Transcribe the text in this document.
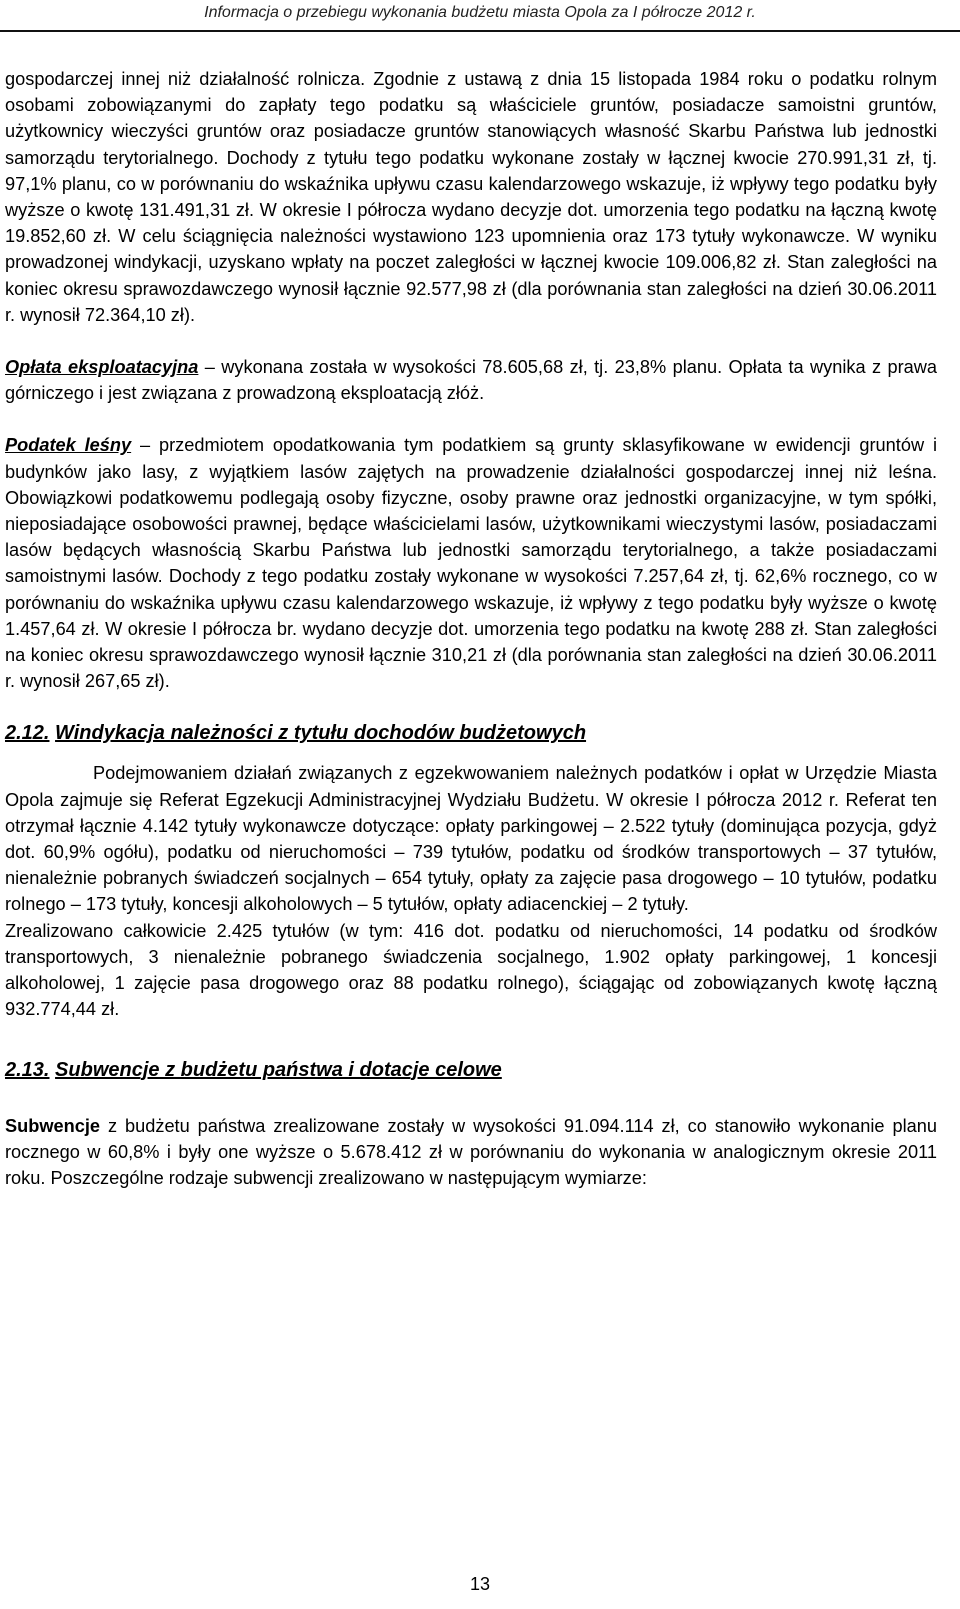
Informacja o przebiegu wykonania budżetu miasta Opola za I półrocze 2012 r.

gospodarczej innej niż działalność rolnicza. Zgodnie z ustawą z dnia 15 listopada 1984 roku o podatku rolnym osobami zobowiązanymi do zapłaty tego podatku są właściciele gruntów, posiadacze samoistni gruntów, użytkownicy wieczyści gruntów oraz posiadacze gruntów stanowiących własność Skarbu Państwa lub jednostki samorządu terytorialnego. Dochody z tytułu tego podatku wykonane zostały w łącznej kwocie 270.991,31 zł, tj. 97,1% planu, co w porównaniu do wskaźnika upływu czasu kalendarzowego wskazuje, iż wpływy tego podatku były wyższe o kwotę 131.491,31 zł. W okresie I półrocza wydano decyzje dot. umorzenia tego podatku na łączną kwotę 19.852,60 zł. W celu ściągnięcia należności wystawiono 123 upomnienia oraz 173 tytuły wykonawcze. W wyniku prowadzonej windykacji, uzyskano wpłaty na poczet zaległości w łącznej kwocie 109.006,82 zł. Stan zaległości na koniec okresu sprawozdawczego wynosił łącznie 92.577,98 zł (dla porównania stan zaległości na dzień 30.06.2011 r. wynosił 72.364,10 zł).

Opłata eksploatacyjna – wykonana została w wysokości 78.605,68 zł, tj. 23,8% planu. Opłata ta wynika z prawa górniczego i jest związana z prowadzoną eksploatacją złóż.

Podatek leśny – przedmiotem opodatkowania tym podatkiem są grunty sklasyfikowane w ewidencji gruntów i budynków jako lasy, z wyjątkiem lasów zajętych na prowadzenie działalności gospodarczej innej niż leśna. Obowiązkowi podatkowemu podlegają osoby fizyczne, osoby prawne oraz jednostki organizacyjne, w tym spółki, nieposiadające osobowości prawnej, będące właścicielami lasów, użytkownikami wieczystymi lasów, posiadaczami lasów będących własnością Skarbu Państwa lub jednostki samorządu terytorialnego, a także posiadaczami samoistnymi lasów. Dochody z tego podatku zostały wykonane w wysokości 7.257,64 zł, tj. 62,6% rocznego, co w porównaniu do wskaźnika upływu czasu kalendarzowego wskazuje, iż wpływy z tego podatku były wyższe o kwotę 1.457,64 zł. W okresie I półrocza br. wydano decyzje dot. umorzenia tego podatku na kwotę 288 zł. Stan zaległości na koniec okresu sprawozdawczego wynosił łącznie 310,21 zł (dla porównania stan zaległości na dzień 30.06.2011 r. wynosił 267,65 zł).

2.12. Windykacja należności z tytułu dochodów budżetowych

Podejmowaniem działań związanych z egzekwowaniem należnych podatków i opłat w Urzędzie Miasta Opola zajmuje się Referat Egzekucji Administracyjnej Wydziału Budżetu. W okresie I półrocza 2012 r. Referat ten otrzymał łącznie 4.142 tytuły wykonawcze dotyczące: opłaty parkingowej – 2.522 tytuły (dominująca pozycja, gdyż dot. 60,9% ogółu), podatku od nieruchomości – 739 tytułów, podatku od środków transportowych – 37 tytułów, nienależnie pobranych świadczeń socjalnych – 654 tytuły, opłaty za zajęcie pasa drogowego – 10 tytułów, podatku rolnego – 173 tytuły, koncesji alkoholowych – 5 tytułów, opłaty adiacenckiej – 2 tytuły.

Zrealizowano całkowicie 2.425 tytułów (w tym: 416 dot. podatku od nieruchomości, 14 podatku od środków transportowych, 3 nienależnie pobranego świadczenia socjalnego, 1.902 opłaty parkingowej, 1 koncesji alkoholowej, 1 zajęcie pasa drogowego oraz 88 podatku rolnego), ściągając od zobowiązanych kwotę łączną 932.774,44 zł.

2.13. Subwencje z budżetu państwa i dotacje celowe

Subwencje z budżetu państwa zrealizowane zostały w wysokości 91.094.114 zł, co stanowiło wykonanie planu rocznego w 60,8% i były one wyższe o 5.678.412 zł w porównaniu do wykonania w analogicznym okresie 2011 roku. Poszczególne rodzaje subwencji zrealizowano w następującym wymiarze:

13
